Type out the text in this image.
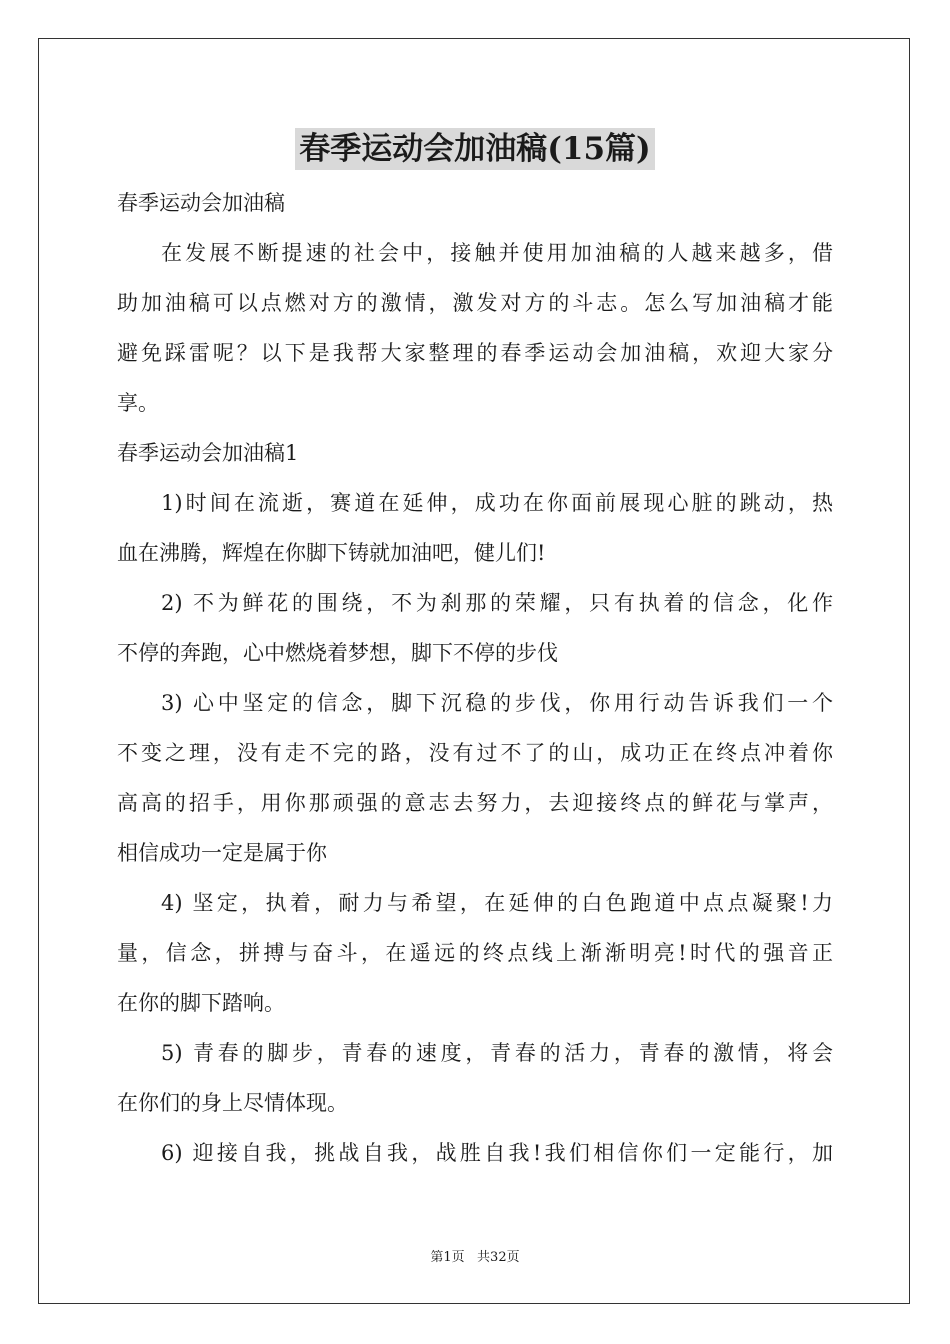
春季运动会加油稿(15篇)
春季运动会加油稿
在发展不断提速的社会中，接触并使用加油稿的人越来越多，借
助加油稿可以点燃对方的激情，激发对方的斗志。怎么写加油稿才能
避免踩雷呢？以下是我帮大家整理的春季运动会加油稿，欢迎大家分
享。
春季运动会加油稿1
1)时间在流逝，赛道在延伸，成功在你面前展现心脏的跳动，热
血在沸腾，辉煌在你脚下铸就加油吧，健儿们!
2) 不为鲜花的围绕，不为刹那的荣耀，只有执着的信念，化作
不停的奔跑，心中燃烧着梦想，脚下不停的步伐
3) 心中坚定的信念，脚下沉稳的步伐，你用行动告诉我们一个
不变之理，没有走不完的路，没有过不了的山，成功正在终点冲着你
高高的招手，用你那顽强的意志去努力，去迎接终点的鲜花与掌声，
相信成功一定是属于你
4) 坚定，执着，耐力与希望，在延伸的白色跑道中点点凝聚!力
量，信念，拼搏与奋斗，在遥远的终点线上渐渐明亮!时代的强音正
在你的脚下踏响。
5) 青春的脚步，青春的速度，青春的活力，青春的激情，将会
在你们的身上尽情体现。
6) 迎接自我，挑战自我，战胜自我!我们相信你们一定能行，加
第1页   共32页
